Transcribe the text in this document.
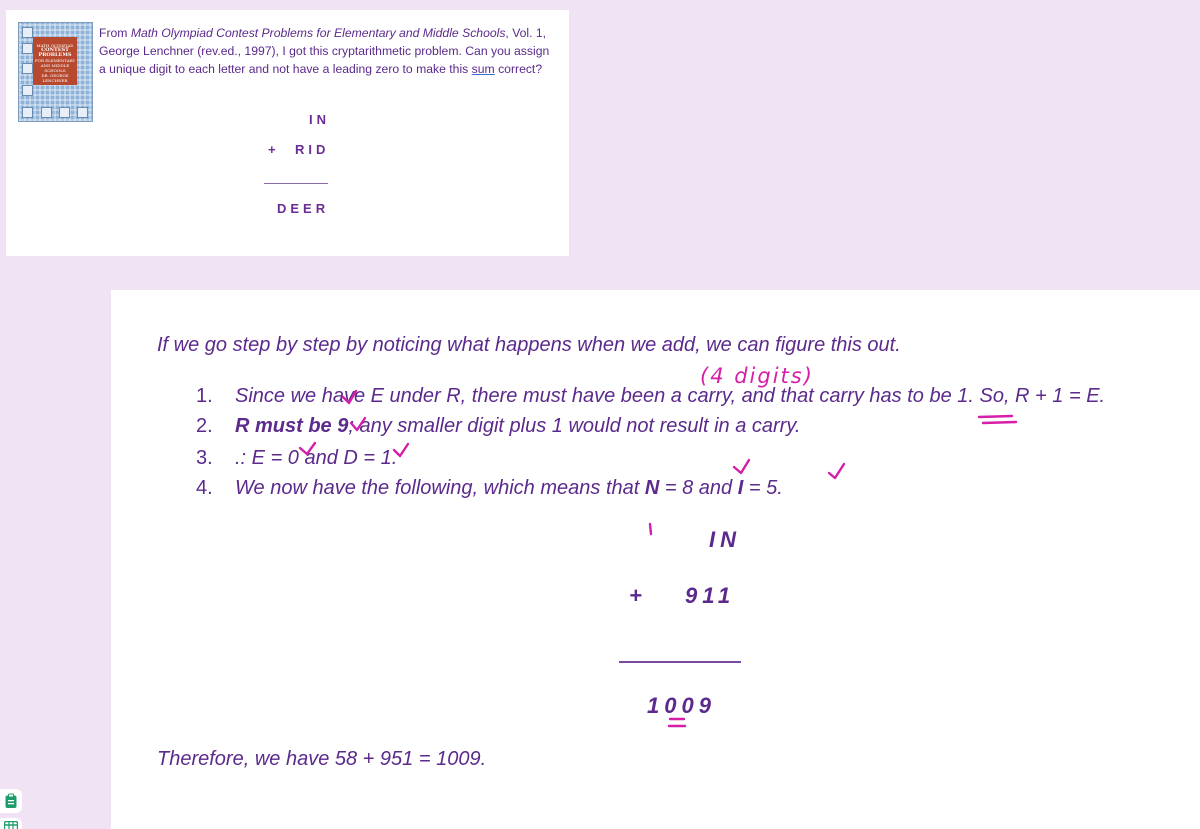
MATH OLYMPIAD
CONTEST
PROBLEMS
FOR ELEMENTARY AND MIDDLE SCHOOLS
DR. GEORGE LENCHNER
From Math Olympiad Contest Problems for Elementary and Middle Schools, Vol. 1, George Lenchner (rev.ed., 1997), I got this cryptarithmetic problem. Can you assign a unique digit to each letter and not have a leading zero to make this sum correct?
IN
+ RID
DEER
If we go step by step by noticing what happens when we add, we can figure this out.
1. Since we have E under R, there must have been a carry, and that carry has to be 1. So, R + 1 = E.
2. R must be 9; any smaller digit plus 1 would not result in a carry.
3. .: E = 0 and D = 1.
4. We now have the following, which means that N = 8 and I = 5.
IN
+ 911
1009
Therefore, we have 58 + 951 = 1009.
(4 digits)
